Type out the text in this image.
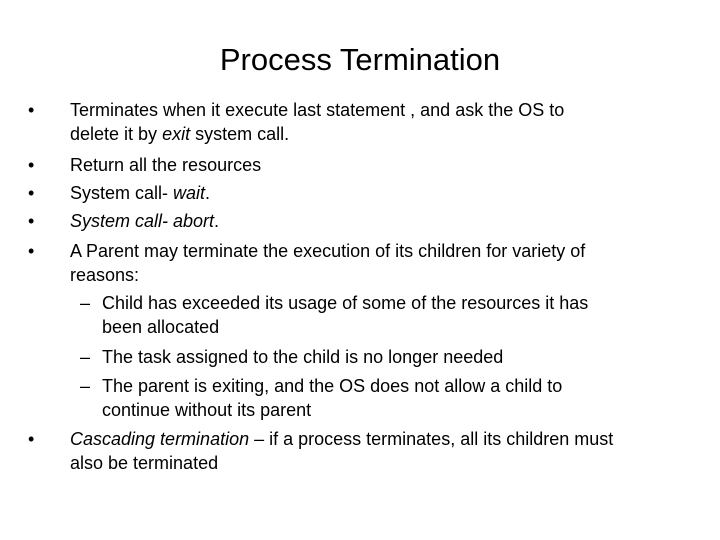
Process Termination
• Terminates when it execute last statement , and ask the OS to
delete it by exit system call.
• Return all the resources
• System call- wait.
• System call- abort.
• A Parent may terminate the execution of its children for variety of
reasons:
– Child has exceeded its usage of some of the resources it has
been allocated
– The task assigned to the child is no longer needed
– The parent is exiting, and the OS does not allow a child to
continue without its parent
• Cascading termination – if a process terminates, all its children must
also be terminated
